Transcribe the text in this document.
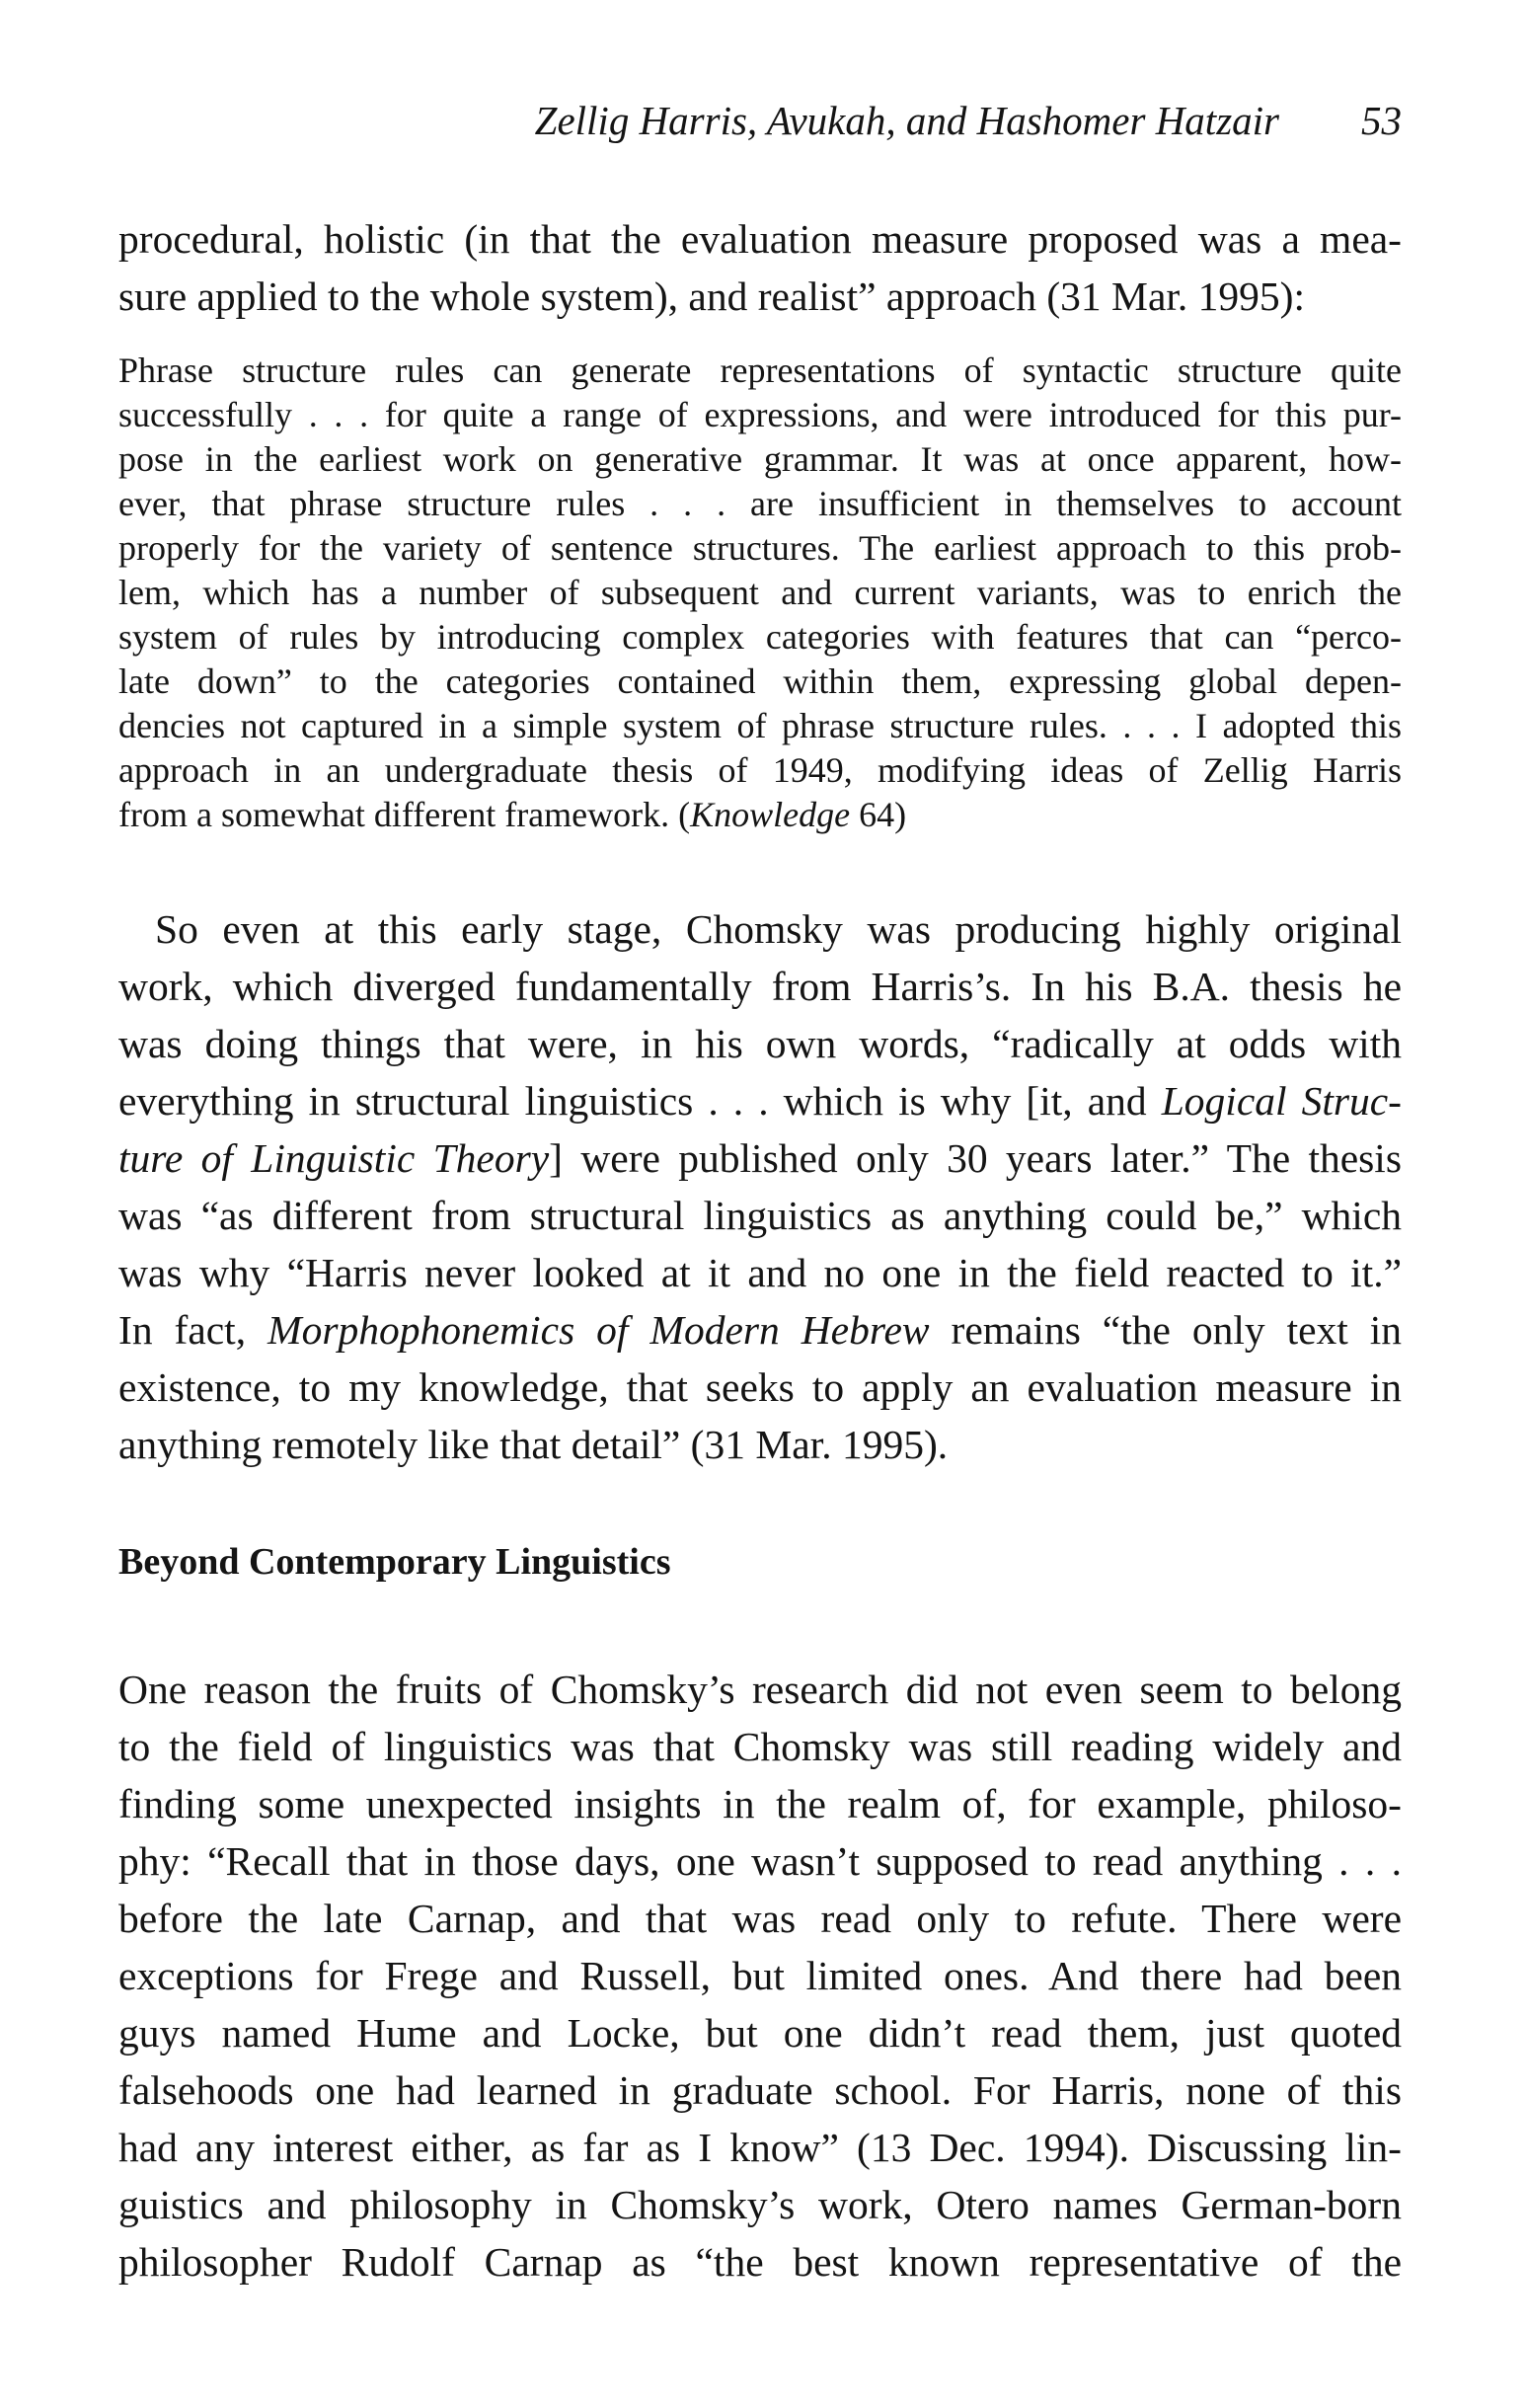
Zellig Harris, Avukah, and Hashomer Hatzair 53
procedural, holistic (in that the evaluation measure proposed was a mea-
sure applied to the whole system), and realist” approach (31 Mar. 1995):
Phrase structure rules can generate representations of syntactic structure quite
successfully . . . for quite a range of expressions, and were introduced for this pur-
pose in the earliest work on generative grammar. It was at once apparent, how-
ever, that phrase structure rules . . . are insufficient in themselves to account
properly for the variety of sentence structures. The earliest approach to this prob-
lem, which has a number of subsequent and current variants, was to enrich the
system of rules by introducing complex categories with features that can “perco-
late down” to the categories contained within them, expressing global depen-
dencies not captured in a simple system of phrase structure rules. . . . I adopted this
approach in an undergraduate thesis of 1949, modifying ideas of Zellig Harris
from a somewhat different framework. (Knowledge 64)
So even at this early stage, Chomsky was producing highly original
work, which diverged fundamentally from Harris’s. In his B.A. thesis he
was doing things that were, in his own words, “radically at odds with
everything in structural linguistics . . . which is why [it, and Logical Struc-
ture of Linguistic Theory] were published only 30 years later.” The thesis
was “as different from structural linguistics as anything could be,” which
was why “Harris never looked at it and no one in the field reacted to it.”
In fact, Morphophonemics of Modern Hebrew remains “the only text in
existence, to my knowledge, that seeks to apply an evaluation measure in
anything remotely like that detail” (31 Mar. 1995).
Beyond Contemporary Linguistics
One reason the fruits of Chomsky’s research did not even seem to belong
to the field of linguistics was that Chomsky was still reading widely and
finding some unexpected insights in the realm of, for example, philoso-
phy: “Recall that in those days, one wasn’t supposed to read anything . . .
before the late Carnap, and that was read only to refute. There were
exceptions for Frege and Russell, but limited ones. And there had been
guys named Hume and Locke, but one didn’t read them, just quoted
falsehoods one had learned in graduate school. For Harris, none of this
had any interest either, as far as I know” (13 Dec. 1994). Discussing lin-
guistics and philosophy in Chomsky’s work, Otero names German-born
philosopher Rudolf Carnap as “the best known representative of the
